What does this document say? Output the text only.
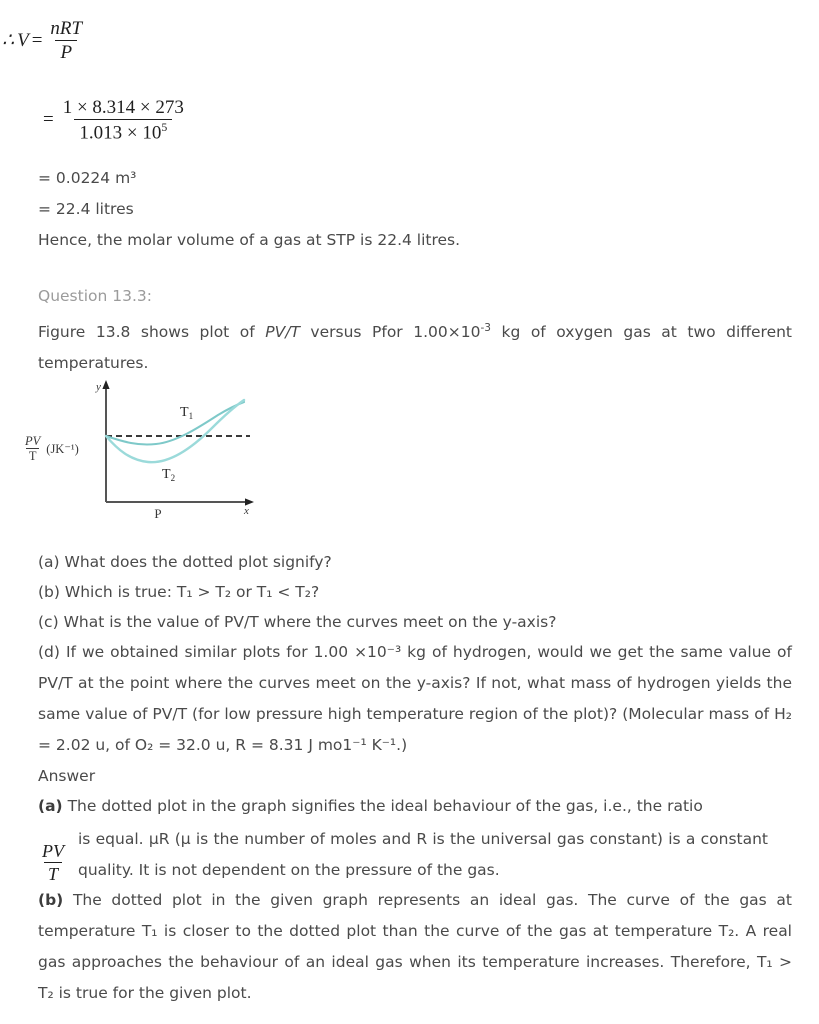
∴ $V = \frac{\text{nRT}}{P}$
= $\frac{1 \times 8.314 \times 273}{1.013 \times 10^5}$
= 0.0224 m³
= 22.4 litres
Hence, the molar volume of a gas at STP is 22.4 litres.
Question 13.3:

Figure 13.8 shows plot of PV/T versus Pfor $1.00\times 10^{-3}$ kg of oxygen gas at two different temperatures.

(a) What does the dotted plot signify?
(b) Which is true: T₁ > T₂ or T₁ < T₂?
(c) What is the value of PV/T where the curves meet on the y-axis?

(d) If we obtained similar plots for 1.00 ×10⁻³ kg of hydrogen, would we get the same value of PV/T at the point where the curves meet on the y-axis? If not, what mass of hydrogen yields the same value of PV/T (for low pressure high temperature region of the plot)? (Molecular mass of H₂ = 2.02 u, of O₂ = 32.0 u, R = 8.31 J mo1⁻¹ K⁻¹.)

Answer

(a) The dotted plot in the graph signifies the ideal behaviour of the gas, i.e., the ratio

$\frac{PV}{T}$
is equal. µR (µ is the number of moles and R is the universal gas constant) is a constant quality. It is not dependent on the pressure of the gas.

(b) The dotted plot in the given graph represents an ideal gas. The curve of the gas at temperature T₁ is closer to the dotted plot than the curve of the gas at temperature T₂. A real gas approaches the behaviour of an ideal gas when its temperature increases. Therefore, T₁ > T₂ is true for the given plot.

y
x
P
$T_1$
$T_2$
$\frac{PV}{T} (JK^{-1})$
